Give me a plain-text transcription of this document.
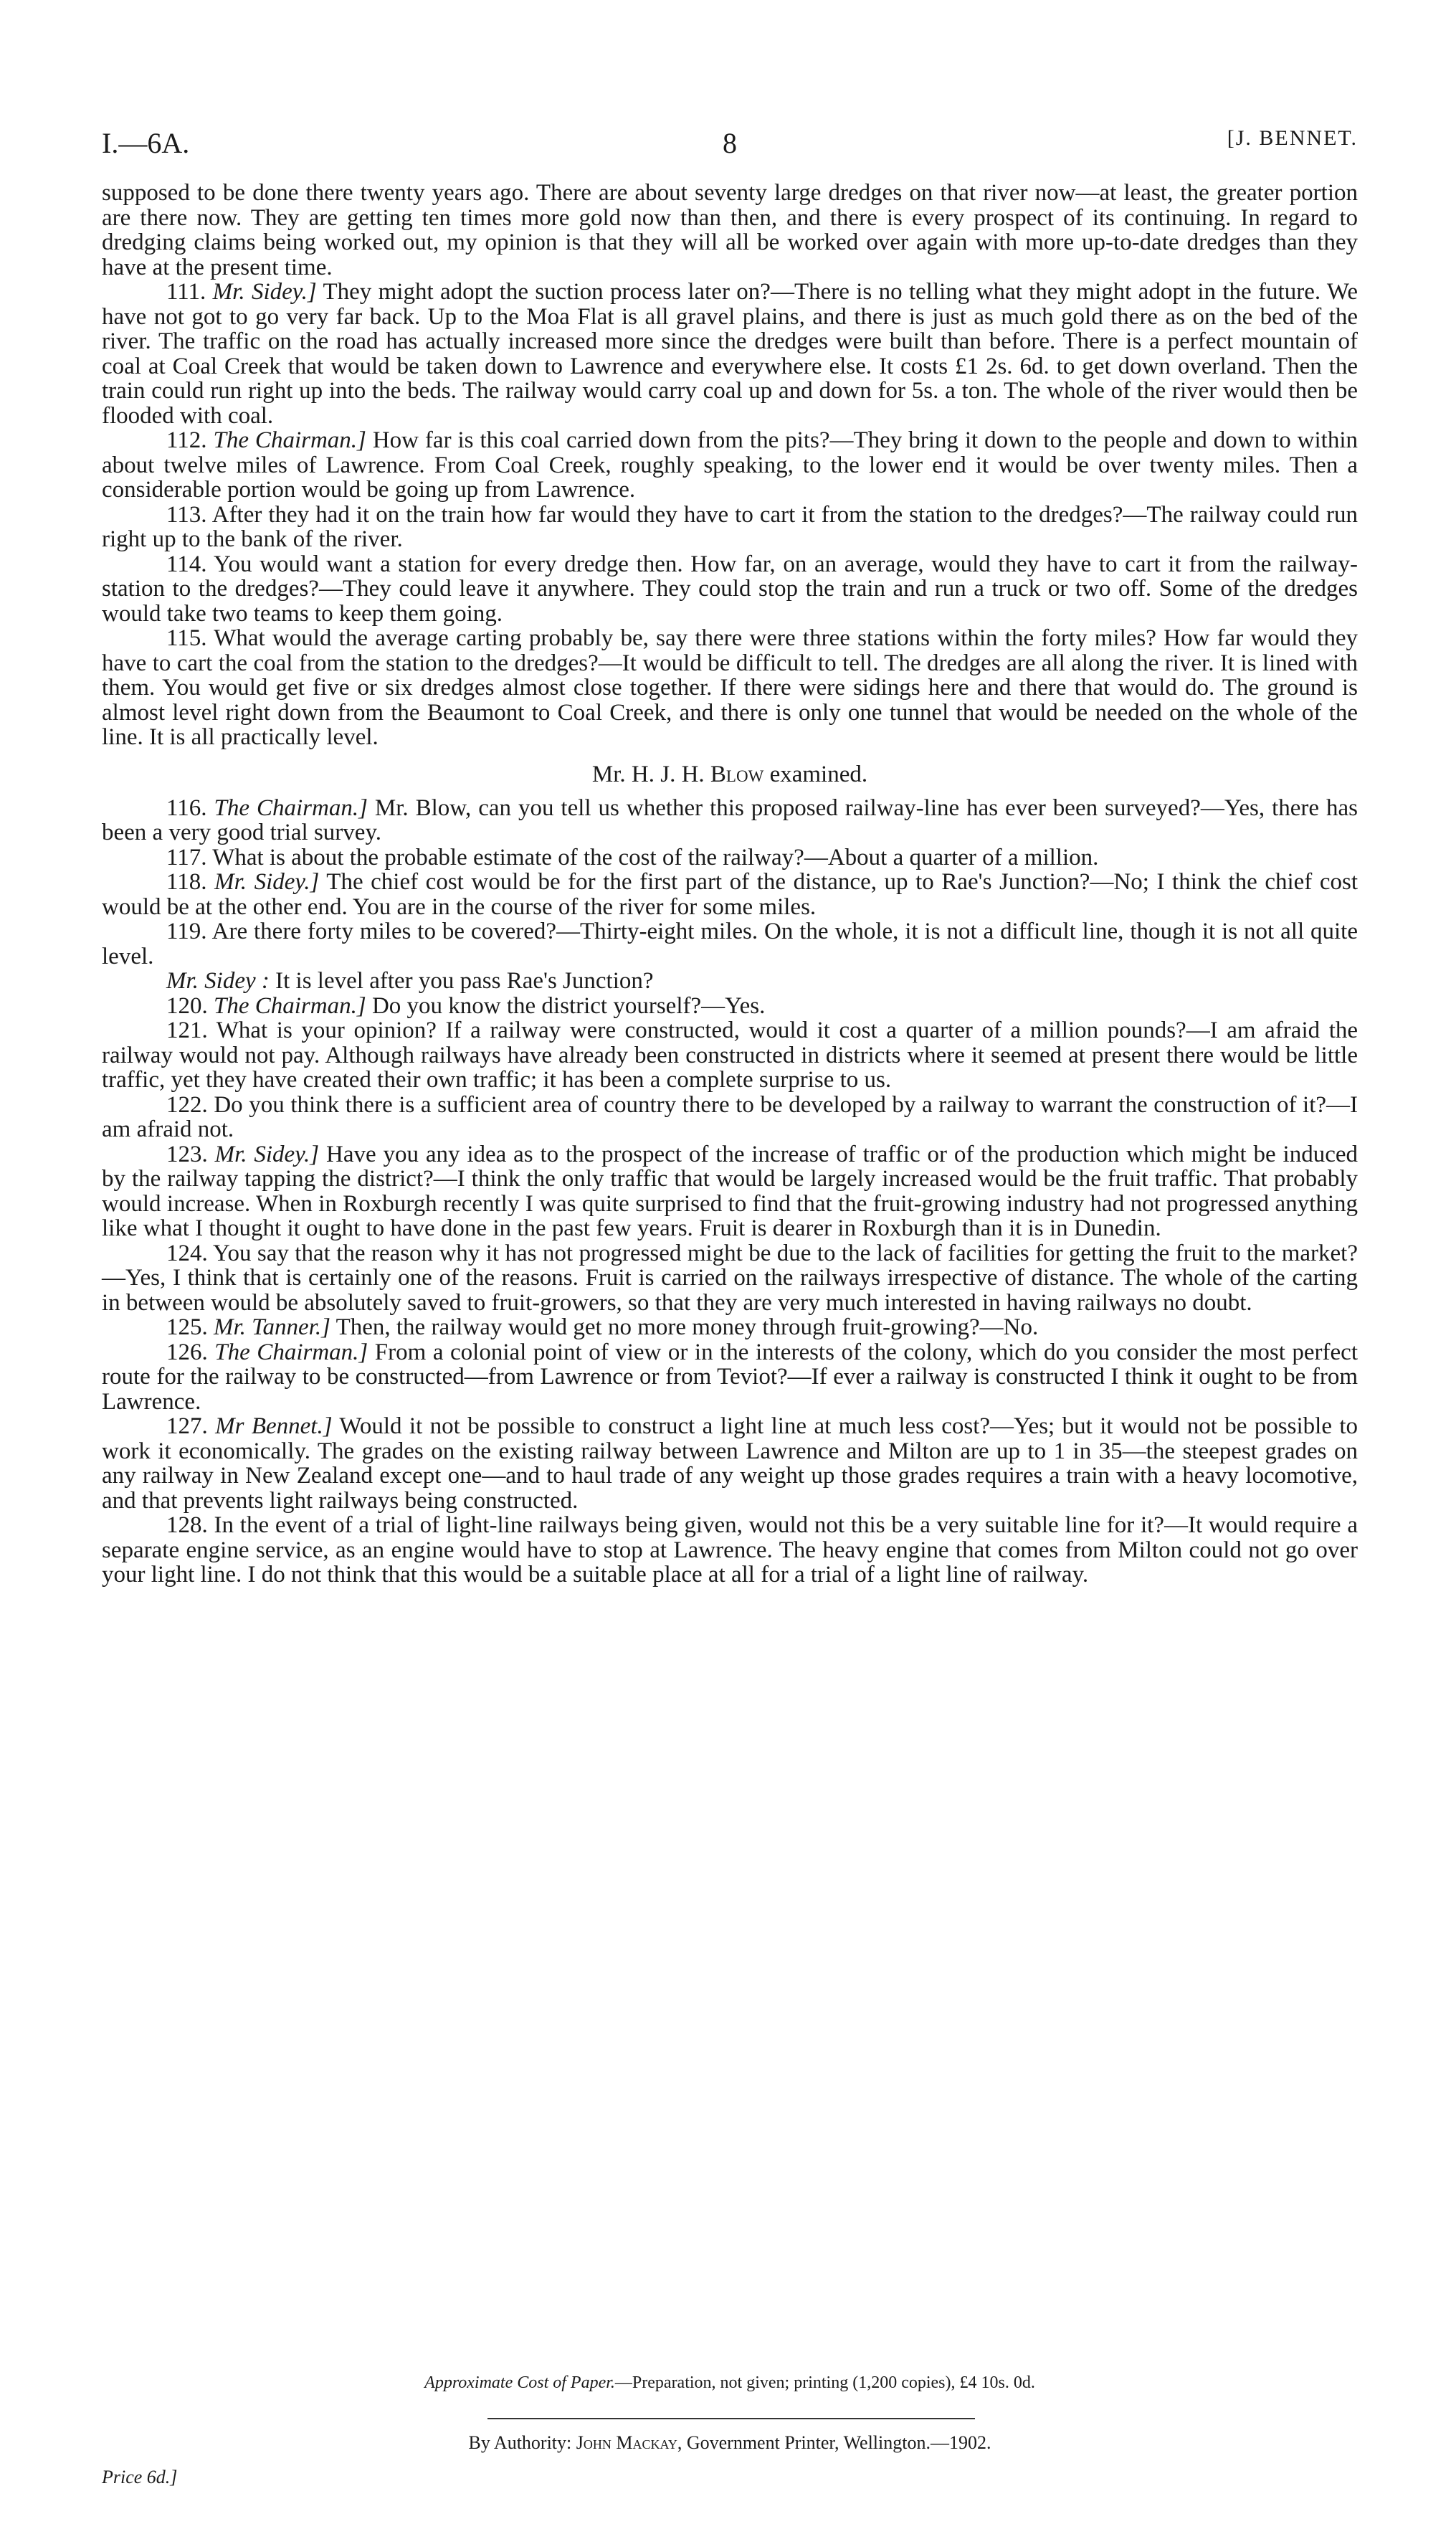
I.—6A.	8	[J. BENNET.

supposed to be done there twenty years ago. There are about seventy large dredges on that river now—at least, the greater portion are there now. They are getting ten times more gold now than then, and there is every prospect of its continuing. In regard to dredging claims being worked out, my opinion is that they will all be worked over again with more up-to-date dredges than they have at the present time.

111. Mr. Sidey.] They might adopt the suction process later on?—There is no telling what they might adopt in the future. We have not got to go very far back. Up to the Moa Flat is all gravel plains, and there is just as much gold there as on the bed of the river. The traffic on the road has actually increased more since the dredges were built than before. There is a perfect mountain of coal at Coal Creek that would be taken down to Lawrence and everywhere else. It costs £1 2s. 6d. to get down overland. Then the train could run right up into the beds. The railway would carry coal up and down for 5s. a ton. The whole of the river would then be flooded with coal.

112. The Chairman.] How far is this coal carried down from the pits?—They bring it down to the people and down to within about twelve miles of Lawrence. From Coal Creek, roughly speaking, to the lower end it would be over twenty miles. Then a considerable portion would be going up from Lawrence.

113. After they had it on the train how far would they have to cart it from the station to the dredges?—The railway could run right up to the bank of the river.

114. You would want a station for every dredge then. How far, on an average, would they have to cart it from the railway-station to the dredges?—They could leave it anywhere. They could stop the train and run a truck or two off. Some of the dredges would take two teams to keep them going.

115. What would the average carting probably be, say there were three stations within the forty miles? How far would they have to cart the coal from the station to the dredges?—It would be difficult to tell. The dredges are all along the river. It is lined with them. You would get five or six dredges almost close together. If there were sidings here and there that would do. The ground is almost level right down from the Beaumont to Coal Creek, and there is only one tunnel that would be needed on the whole of the line. It is all practically level.

Mr. H. J. H. Blow examined.

116. The Chairman.] Mr. Blow, can you tell us whether this proposed railway-line has ever been surveyed?—Yes, there has been a very good trial survey.

117. What is about the probable estimate of the cost of the railway?—About a quarter of a million.

118. Mr. Sidey.] The chief cost would be for the first part of the distance, up to Rae's Junction?—No; I think the chief cost would be at the other end. You are in the course of the river for some miles.

119. Are there forty miles to be covered?—Thirty-eight miles. On the whole, it is not a difficult line, though it is not all quite level.

Mr. Sidey : It is level after you pass Rae's Junction?

120. The Chairman.] Do you know the district yourself?—Yes.

121. What is your opinion? If a railway were constructed, would it cost a quarter of a million pounds?—I am afraid the railway would not pay. Although railways have already been constructed in districts where it seemed at present there would be little traffic, yet they have created their own traffic; it has been a complete surprise to us.

122. Do you think there is a sufficient area of country there to be developed by a railway to warrant the construction of it?—I am afraid not.

123. Mr. Sidey.] Have you any idea as to the prospect of the increase of traffic or of the production which might be induced by the railway tapping the district?—I think the only traffic that would be largely increased would be the fruit traffic. That probably would increase. When in Roxburgh recently I was quite surprised to find that the fruit-growing industry had not progressed anything like what I thought it ought to have done in the past few years. Fruit is dearer in Roxburgh than it is in Dunedin.

124. You say that the reason why it has not progressed might be due to the lack of facilities for getting the fruit to the market?—Yes, I think that is certainly one of the reasons. Fruit is carried on the railways irrespective of distance. The whole of the carting in between would be absolutely saved to fruit-growers, so that they are very much interested in having railways no doubt.

125. Mr. Tanner.] Then, the railway would get no more money through fruit-growing?—No.

126. The Chairman.] From a colonial point of view or in the interests of the colony, which do you consider the most perfect route for the railway to be constructed—from Lawrence or from Teviot?—If ever a railway is constructed I think it ought to be from Lawrence.

127. Mr Bennet.] Would it not be possible to construct a light line at much less cost?—Yes; but it would not be possible to work it economically. The grades on the existing railway between Lawrence and Milton are up to 1 in 35—the steepest grades on any railway in New Zealand except one—and to haul trade of any weight up those grades requires a train with a heavy locomotive, and that prevents light railways being constructed.

128. In the event of a trial of light-line railways being given, would not this be a very suitable line for it?—It would require a separate engine service, as an engine would have to stop at Lawrence. The heavy engine that comes from Milton could not go over your light line. I do not think that this would be a suitable place at all for a trial of a light line of railway.

Approximate Cost of Paper.—Preparation, not given; printing (1,200 copies), £4 10s. 0d.
By Authority: John Mackay, Government Printer, Wellington.—1902.
Price 6d.]
